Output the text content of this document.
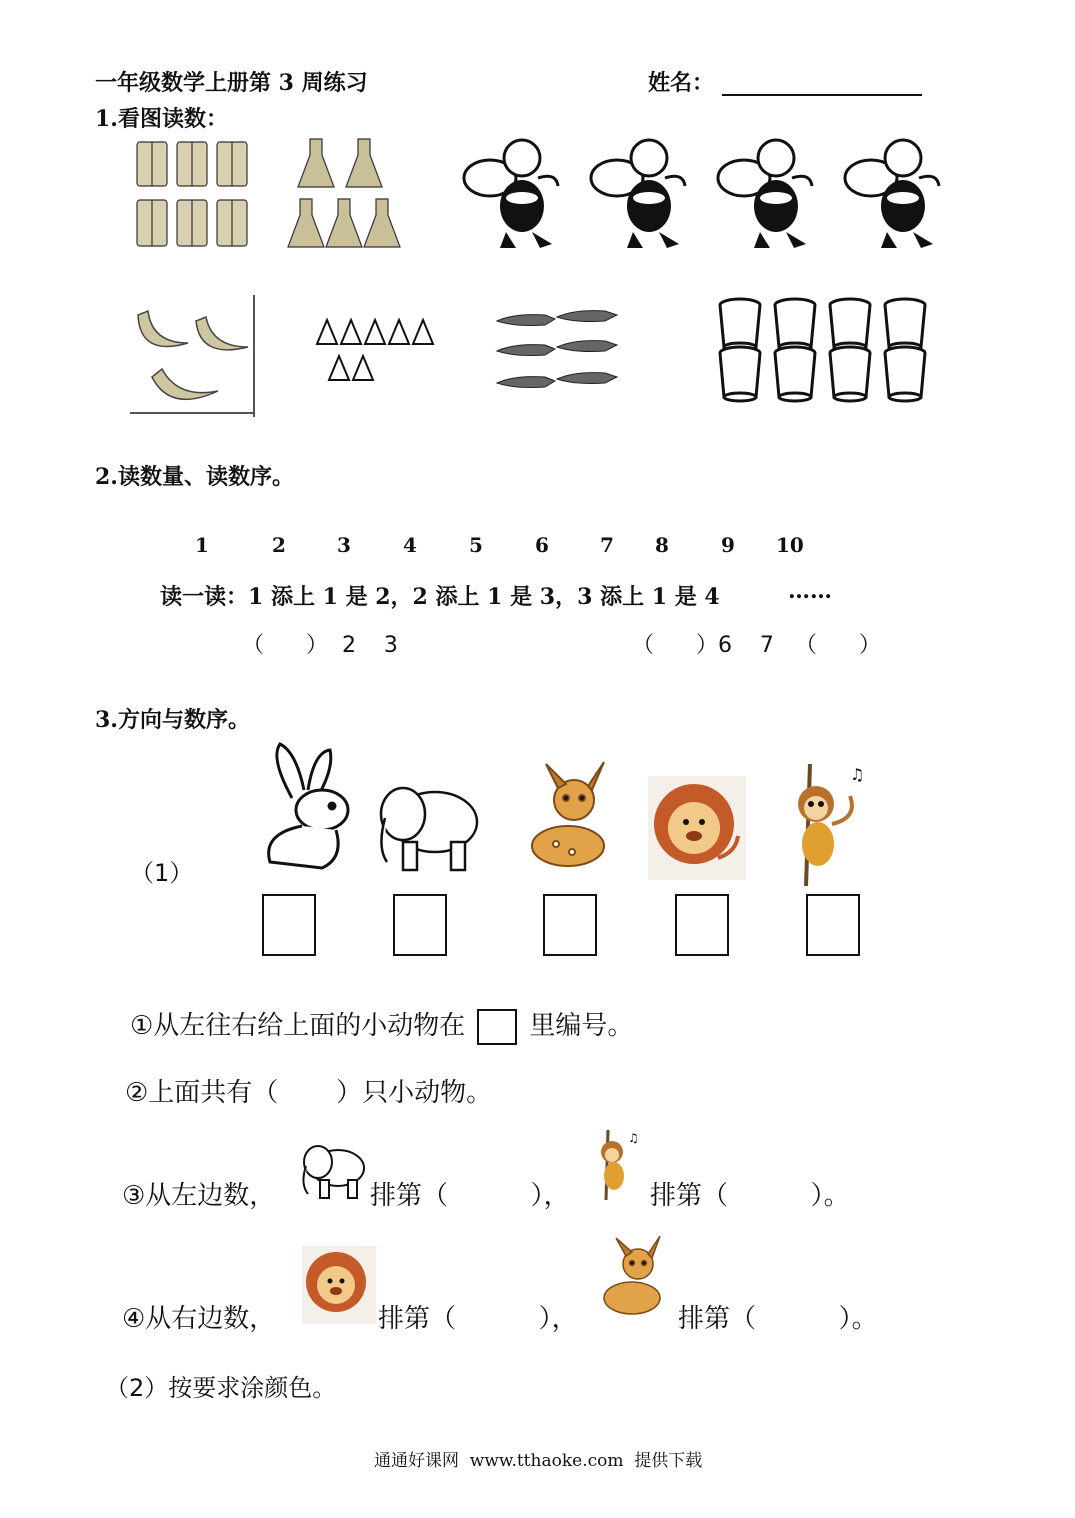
一年级数学上册第 3 周练习	姓名：
1.看图读数：
2.读数量、读数序。
1	2	3	4	5	6	7 8	9 10
读一读：1 添上 1 是 2，2 添上 1 是 3，3 添上 1 是 4	……
（      ）  2    3	（      ）6    7   （      ）
3.方向与数序。
（1）
♫
①从左往右给上面的小动物在 里编号。
②上面共有（       ）只小动物。
③从左边数，	排第（          ），
♫
排第（          ）。
④从右边数，	排第（          ），	排第（          ）。
（2）按要求涂颜色。
通通好课网  www.tthaoke.com  提供下载
